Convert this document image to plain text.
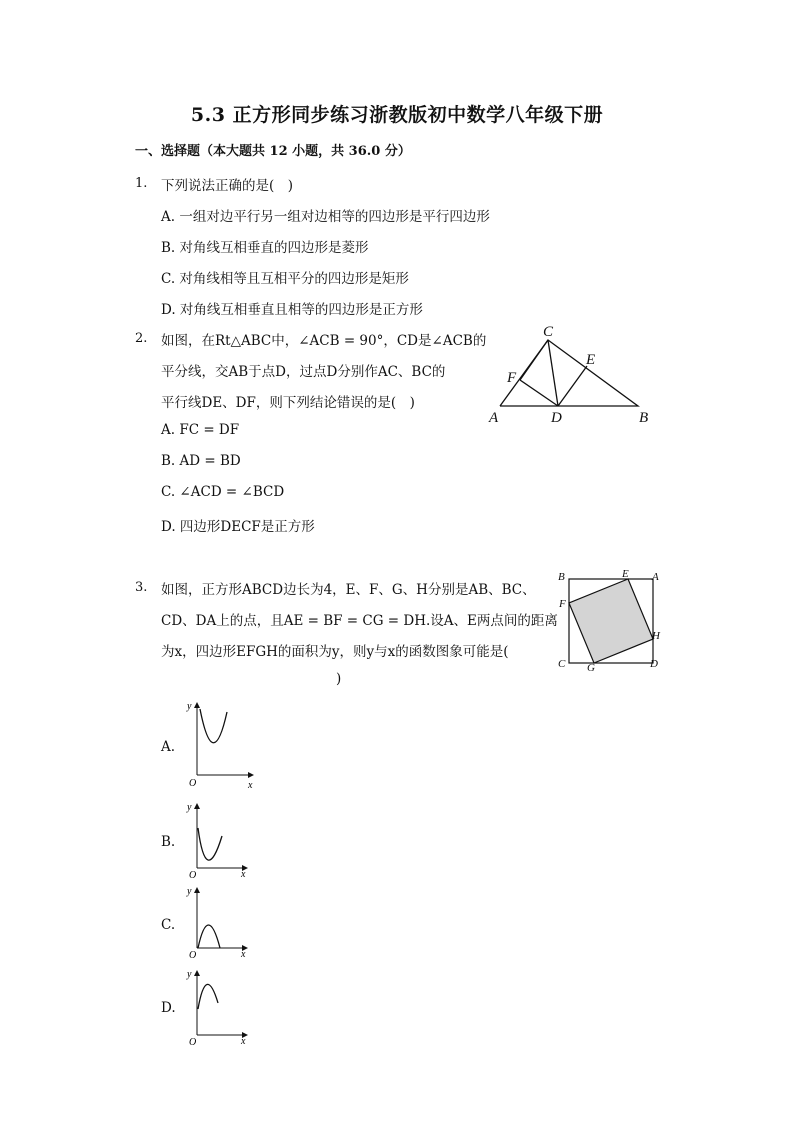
5.3 正方形同步练习浙教版初中数学八年级下册
一、选择题（本大题共 12 小题，共 36.0 分）
1. 下列说法正确的是(　)
A. 一组对边平行另一组对边相等的四边形是平行四边形
B. 对角线互相垂直的四边形是菱形
C. 对角线相等且互相平分的四边形是矩形
D. 对角线互相垂直且相等的四边形是正方形
2. 如图，在Rt△ABC中，∠ACB = 90°，CD是∠ACB的
平分线，交AB于点D，过点D分别作AC、BC的
平行线DE、DF，则下列结论错误的是(　)
A. FC = DF
B. AD = BD
C. ∠ACD = ∠BCD
D. 四边形DECF是正方形
C
E
F
A	D	B
3. 如图，正方形ABCD边长为4，E、F、G、H分别是AB、BC、
CD、DA上的点，且AE = BF = CG = DH.设A、E两点间的距离
为x，四边形EFGH的面积为y，则y与x的函数图象可能是(
)
B	E A
F
H
C G	D
A.
y
x
O
B.
y
x
O
C.
y
x
O
D.
y
x
O
